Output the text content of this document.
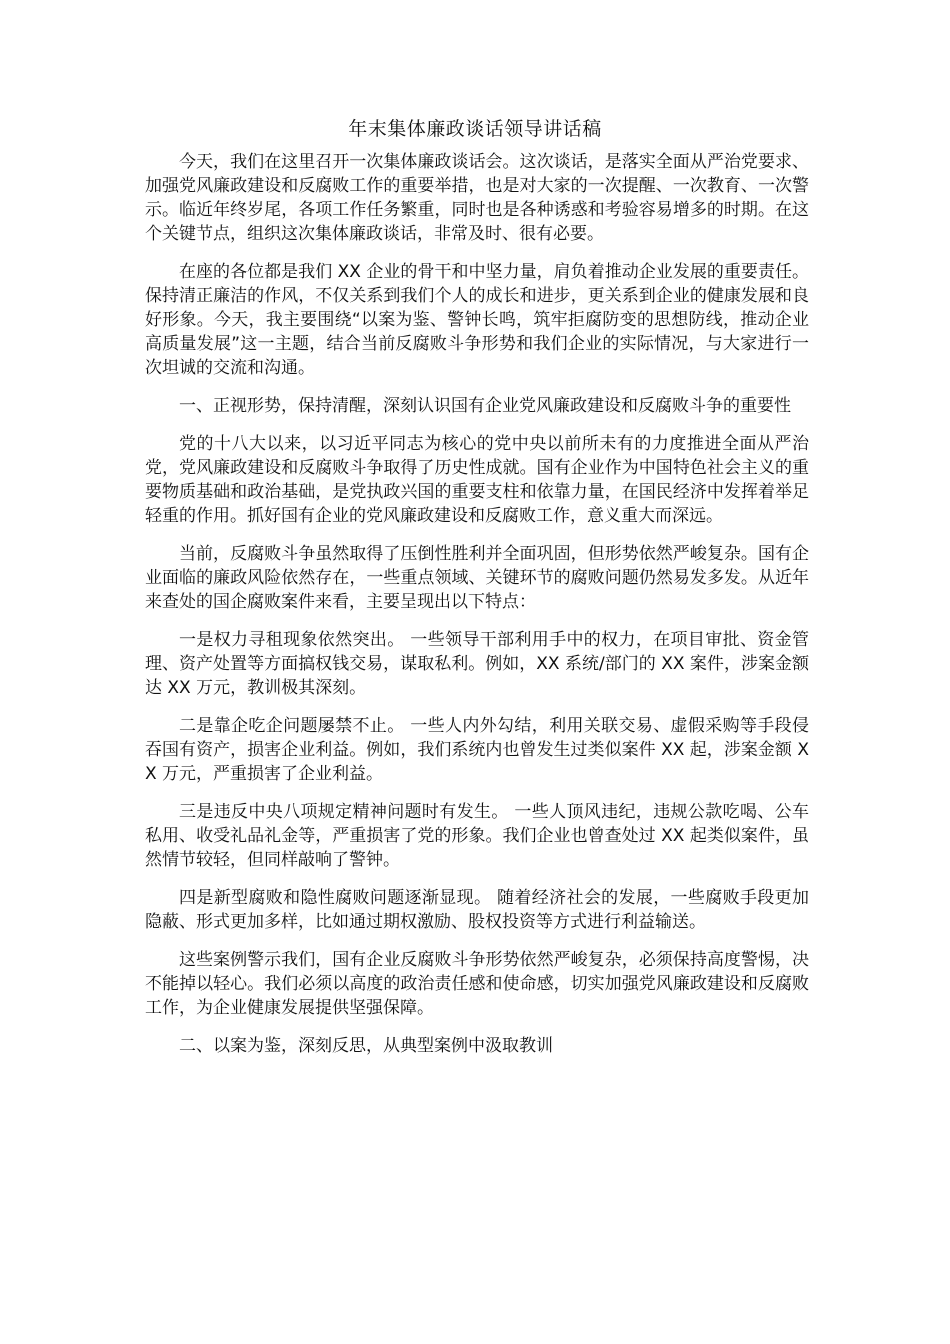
年末集体廉政谈话领导讲话稿

今天，我们在这里召开一次集体廉政谈话会。这次谈话，是落实全面从严治党要求、加强党风廉政建设和反腐败工作的重要举措，也是对大家的一次提醒、一次教育、一次警示。临近年终岁尾，各项工作任务繁重，同时也是各种诱惑和考验容易增多的时期。在这个关键节点，组织这次集体廉政谈话，非常及时、很有必要。

在座的各位都是我们 XX 企业的骨干和中坚力量，肩负着推动企业发展的重要责任。保持清正廉洁的作风，不仅关系到我们个人的成长和进步，更关系到企业的健康发展和良好形象。今天，我主要围绕“以案为鉴、警钟长鸣，筑牢拒腐防变的思想防线，推动企业高质量发展”这一主题，结合当前反腐败斗争形势和我们企业的实际情况，与大家进行一次坦诚的交流和沟通。

一、正视形势，保持清醒，深刻认识国有企业党风廉政建设和反腐败斗争的重要性

党的十八大以来，以习近平同志为核心的党中央以前所未有的力度推进全面从严治党，党风廉政建设和反腐败斗争取得了历史性成就。国有企业作为中国特色社会主义的重要物质基础和政治基础，是党执政兴国的重要支柱和依靠力量，在国民经济中发挥着举足轻重的作用。抓好国有企业的党风廉政建设和反腐败工作，意义重大而深远。

当前，反腐败斗争虽然取得了压倒性胜利并全面巩固，但形势依然严峻复杂。国有企业面临的廉政风险依然存在，一些重点领域、关键环节的腐败问题仍然易发多发。从近年来查处的国企腐败案件来看，主要呈现出以下特点：

一是权力寻租现象依然突出。 一些领导干部利用手中的权力，在项目审批、资金管理、资产处置等方面搞权钱交易，谋取私利。例如，XX 系统/部门的 XX 案件，涉案金额达 XX 万元，教训极其深刻。

二是靠企吃企问题屡禁不止。 一些人内外勾结，利用关联交易、虚假采购等手段侵吞国有资产，损害企业利益。例如，我们系统内也曾发生过类似案件 XX 起，涉案金额 XX 万元，严重损害了企业利益。

三是违反中央八项规定精神问题时有发生。 一些人顶风违纪，违规公款吃喝、公车私用、收受礼品礼金等，严重损害了党的形象。我们企业也曾查处过 XX 起类似案件，虽然情节较轻，但同样敲响了警钟。

四是新型腐败和隐性腐败问题逐渐显现。 随着经济社会的发展，一些腐败手段更加隐蔽、形式更加多样，比如通过期权激励、股权投资等方式进行利益输送。

这些案例警示我们，国有企业反腐败斗争形势依然严峻复杂，必须保持高度警惕，决不能掉以轻心。我们必须以高度的政治责任感和使命感，切实加强党风廉政建设和反腐败工作，为企业健康发展提供坚强保障。

二、以案为鉴，深刻反思，从典型案例中汲取教训
